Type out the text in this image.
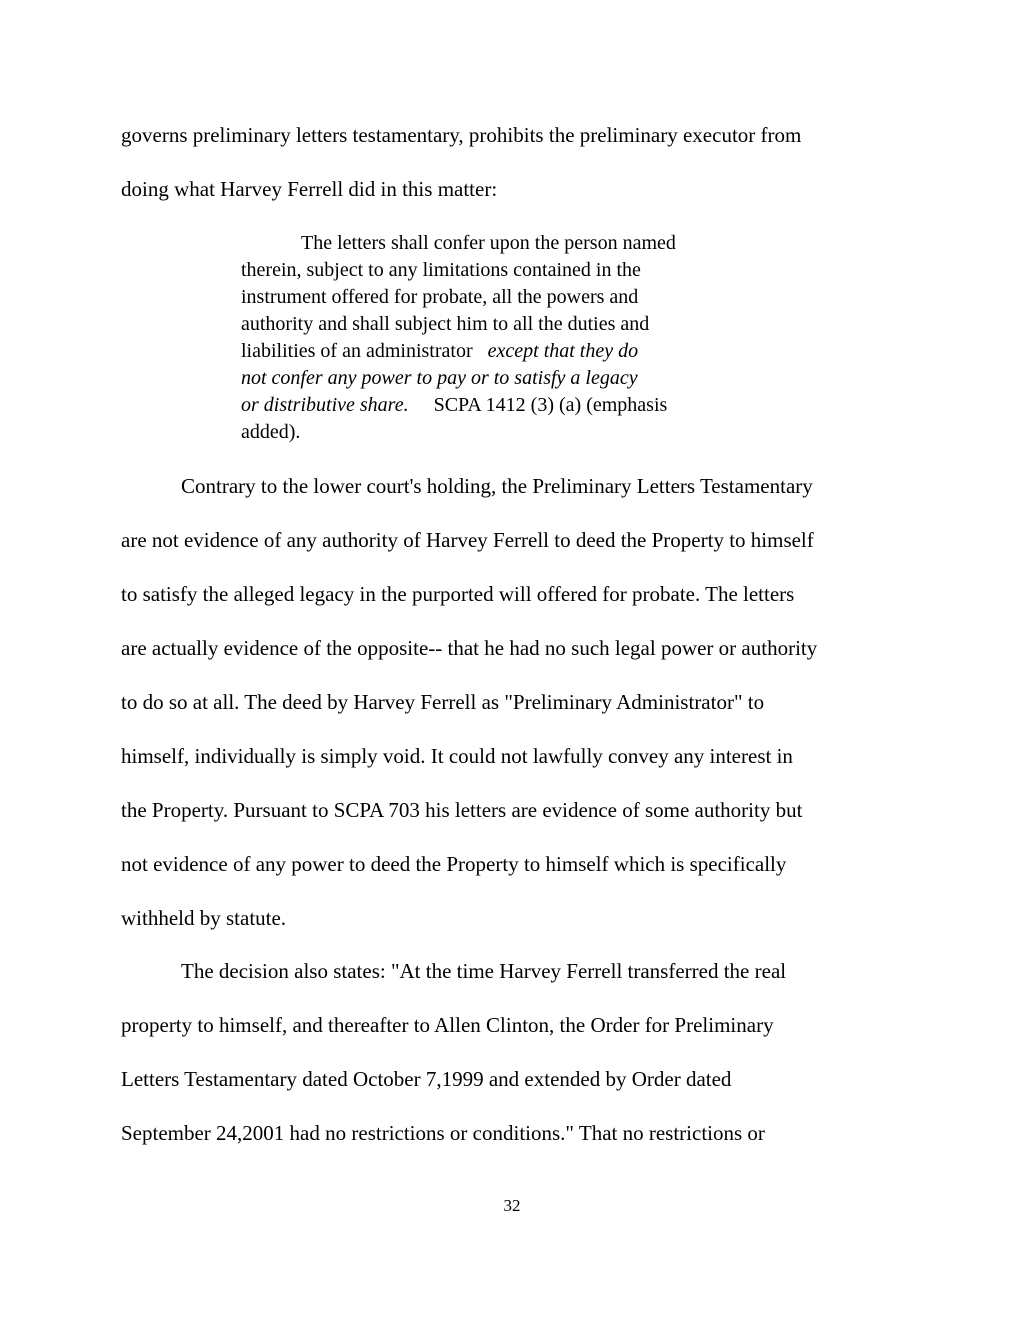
governs preliminary letters testamentary, prohibits the preliminary executor from
doing what Harvey Ferrell did in this matter:
The letters shall confer upon the person named
therein, subject to any limitations contained in the
instrument offered for probate, all the powers and
authority and shall subject him to all the duties and
liabilities of an administrator except that they do
not confer any power to pay or to satisfy a legacy
or distributive share. SCPA 1412 (3) (a) (emphasis
added).
Contrary to the lower court's holding, the Preliminary Letters Testamentary
are not evidence of any authority of Harvey Ferrell to deed the Property to himself
to satisfy the alleged legacy in the purported will offered for probate. The letters
are actually evidence of the opposite-- that he had no such legal power or authority
to do so at all. The deed by Harvey Ferrell as "Preliminary Administrator" to
himself, individually is simply void. It could not lawfully convey any interest in
the Property. Pursuant to SCPA 703 his letters are evidence of some authority but
not evidence of any power to deed the Property to himself which is specifically
withheld by statute.
The decision also states: "At the time Harvey Ferrell transferred the real
property to himself, and thereafter to Allen Clinton, the Order for Preliminary
Letters Testamentary dated October 7,1999 and extended by Order dated
September 24,2001 had no restrictions or conditions." That no restrictions or
32
